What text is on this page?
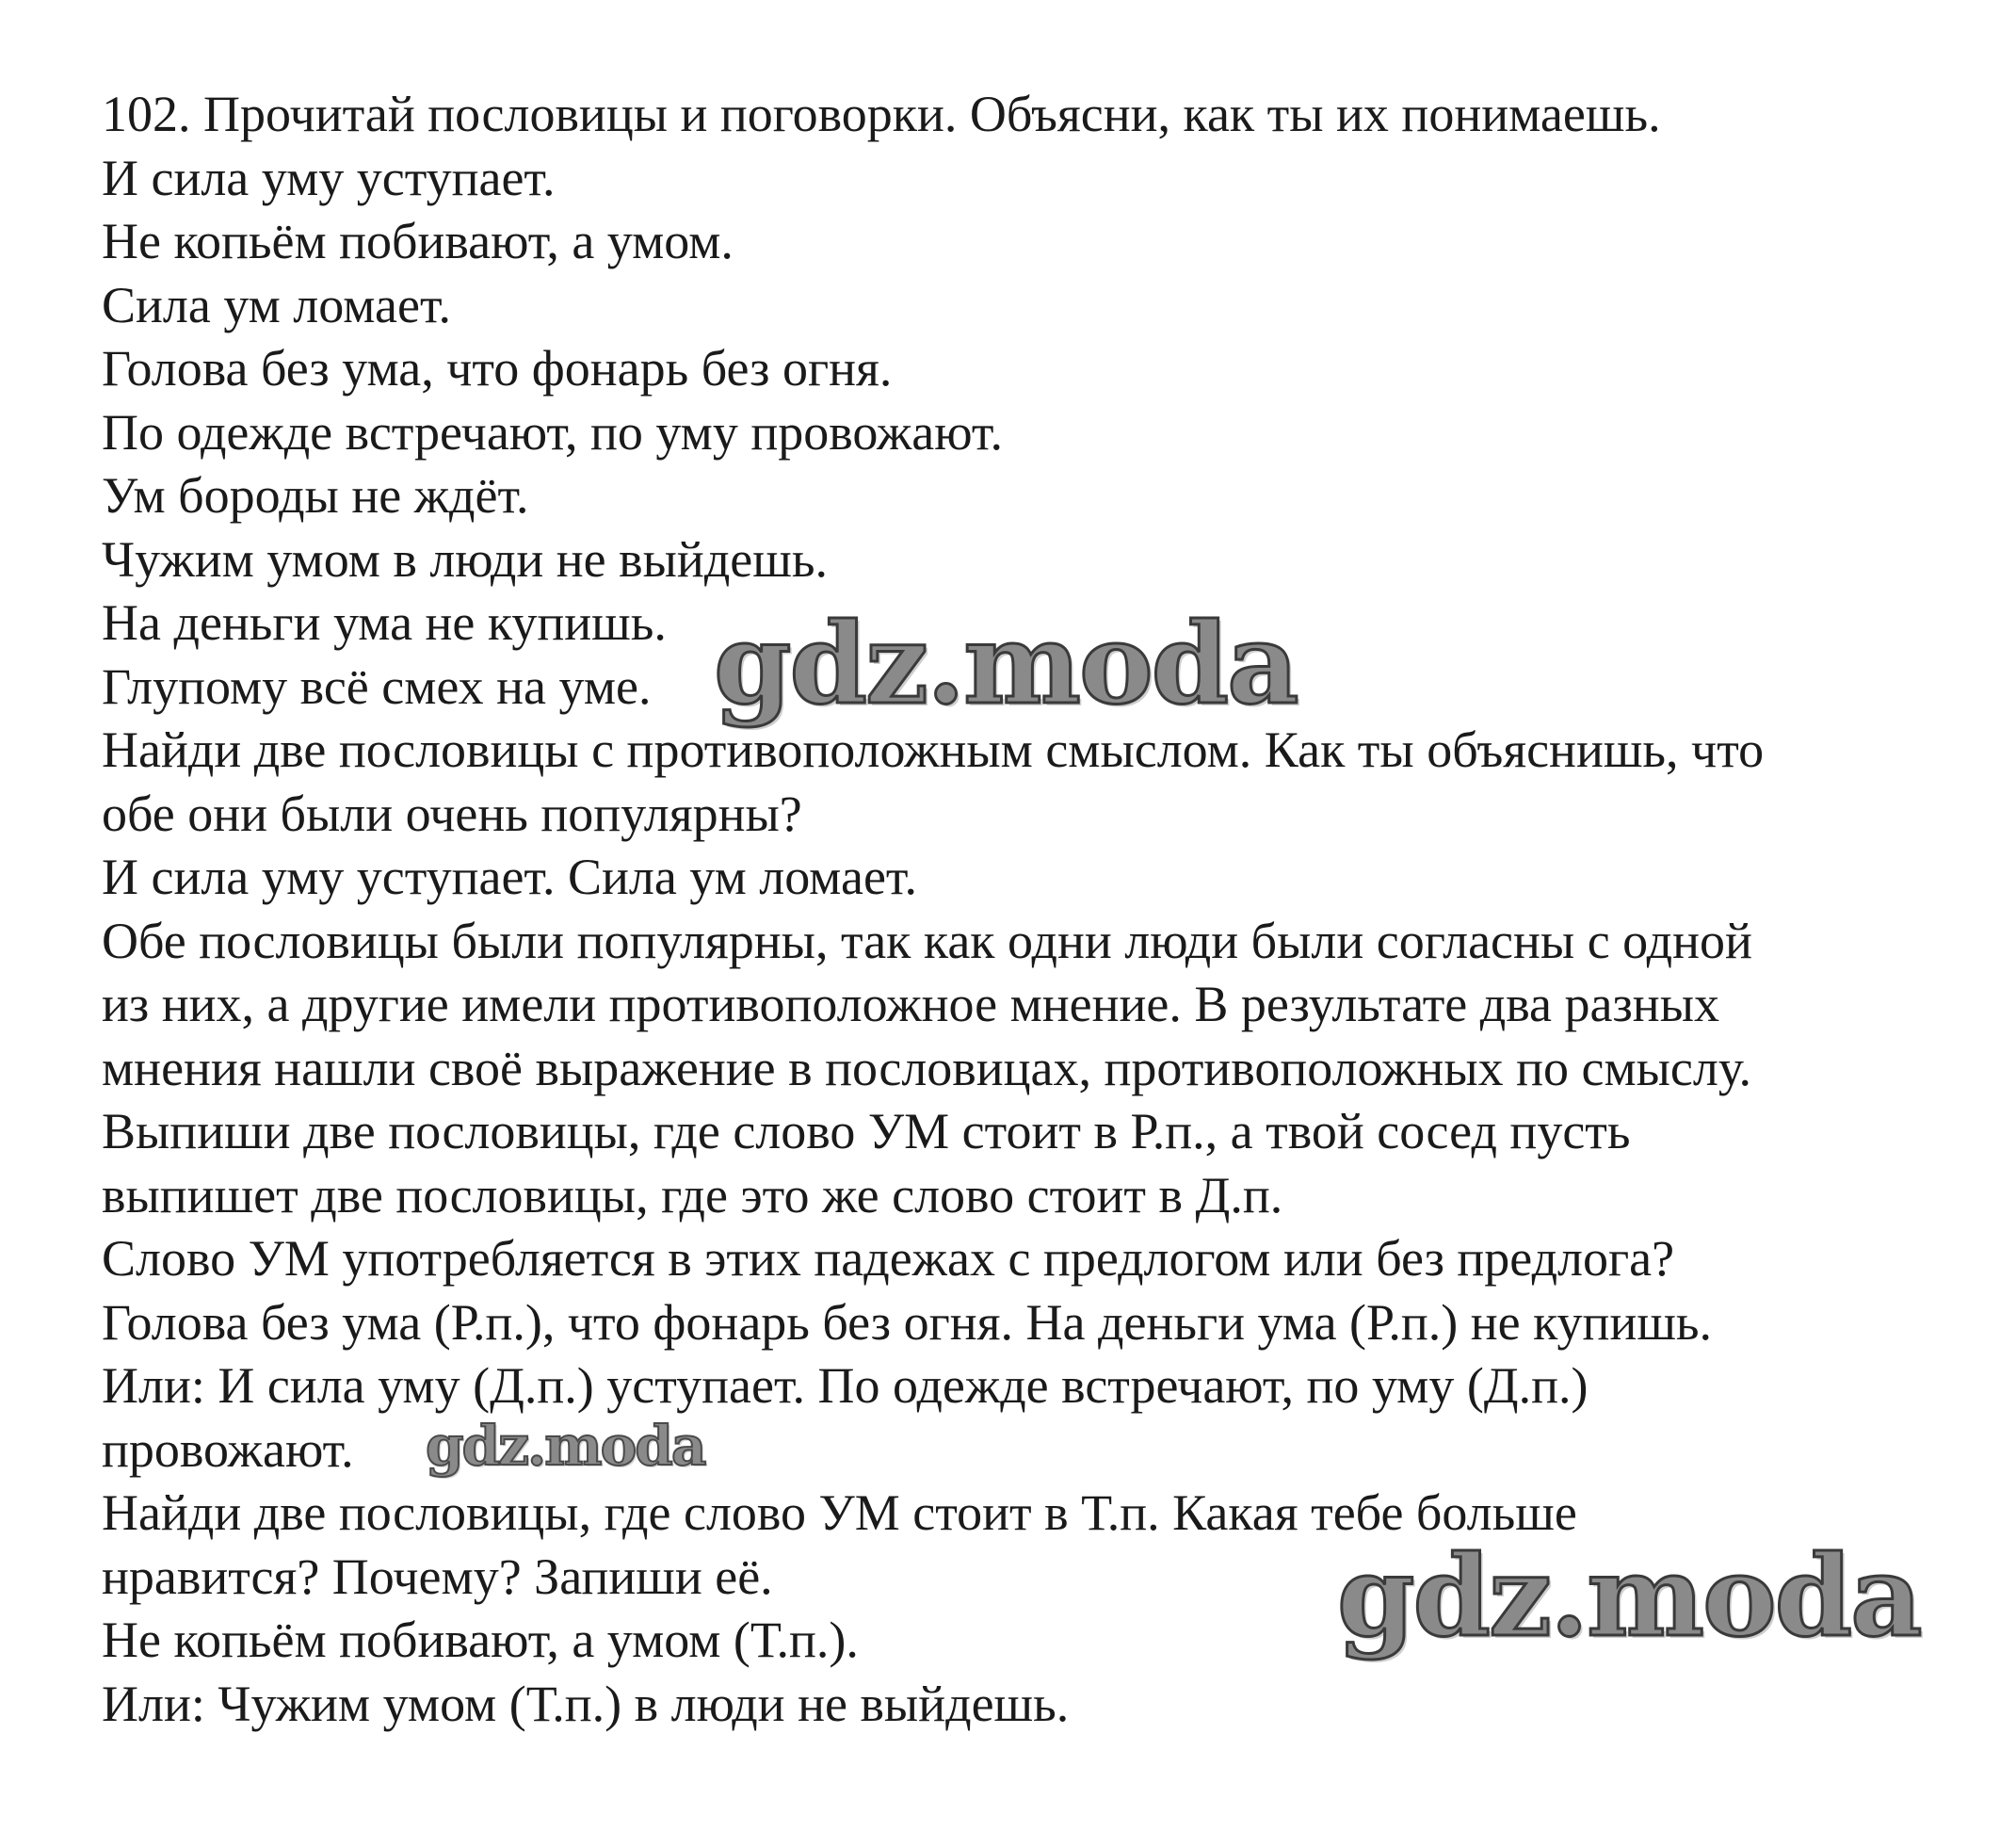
102. Прочитай пословицы и поговорки. Объясни, как ты их понимаешь.
И сила уму уступает.
Не копьём побивают, а умом.
Сила ум ломает.
Голова без ума, что фонарь без огня.
По одежде встречают, по уму провожают.
Ум бороды не ждёт.
Чужим умом в люди не выйдешь.
На деньги ума не купишь.
Глупому всё смех на уме.
Найди две пословицы с противоположным смыслом. Как ты объяснишь, что
обе они были очень популярны?
И сила уму уступает. Сила ум ломает.
Обе пословицы были популярны, так как одни люди были согласны с одной
из них, а другие имели противоположное мнение. В результате два разных
мнения нашли своё выражение в пословицах, противоположных по смыслу.
Выпиши две пословицы, где слово УМ стоит в Р.п., а твой сосед пусть
выпишет две пословицы, где это же слово стоит в Д.п.
Слово УМ употребляется в этих падежах с предлогом или без предлога?
Голова без ума (Р.п.), что фонарь без огня. На деньги ума (Р.п.) не купишь.
Или: И сила уму (Д.п.) уступает. По одежде встречают, по уму (Д.п.)
провожают.
Найди две пословицы, где слово УМ стоит в Т.п. Какая тебе больше
нравится? Почему? Запиши её.
Не копьём побивают, а умом (Т.п.).
Или: Чужим умом (Т.п.) в люди не выйдешь.
gdz.moda
gdz.moda
gdz.moda
